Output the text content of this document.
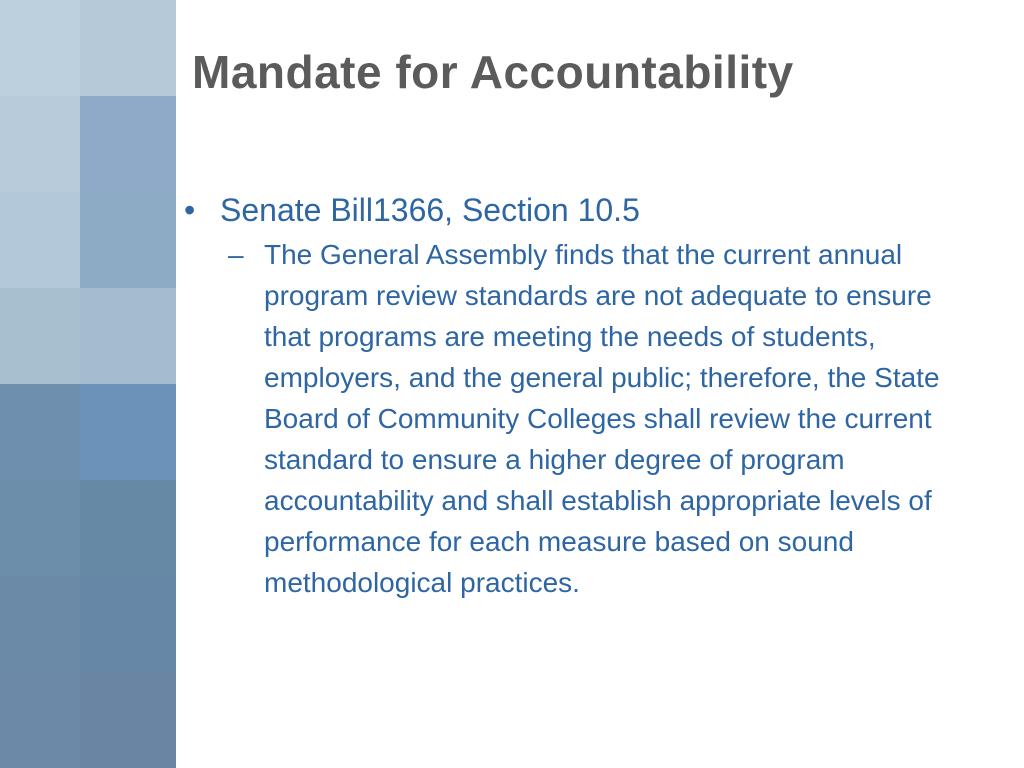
Mandate for Accountability
• Senate Bill1366, Section 10.5
– The General Assembly finds that the current annual program review standards are not adequate to ensure that programs are meeting the needs of students, employers, and the general public; therefore, the State Board of Community Colleges shall review the current standard to ensure a higher degree of program accountability and shall establish appropriate levels of performance for each measure based on sound methodological practices.
